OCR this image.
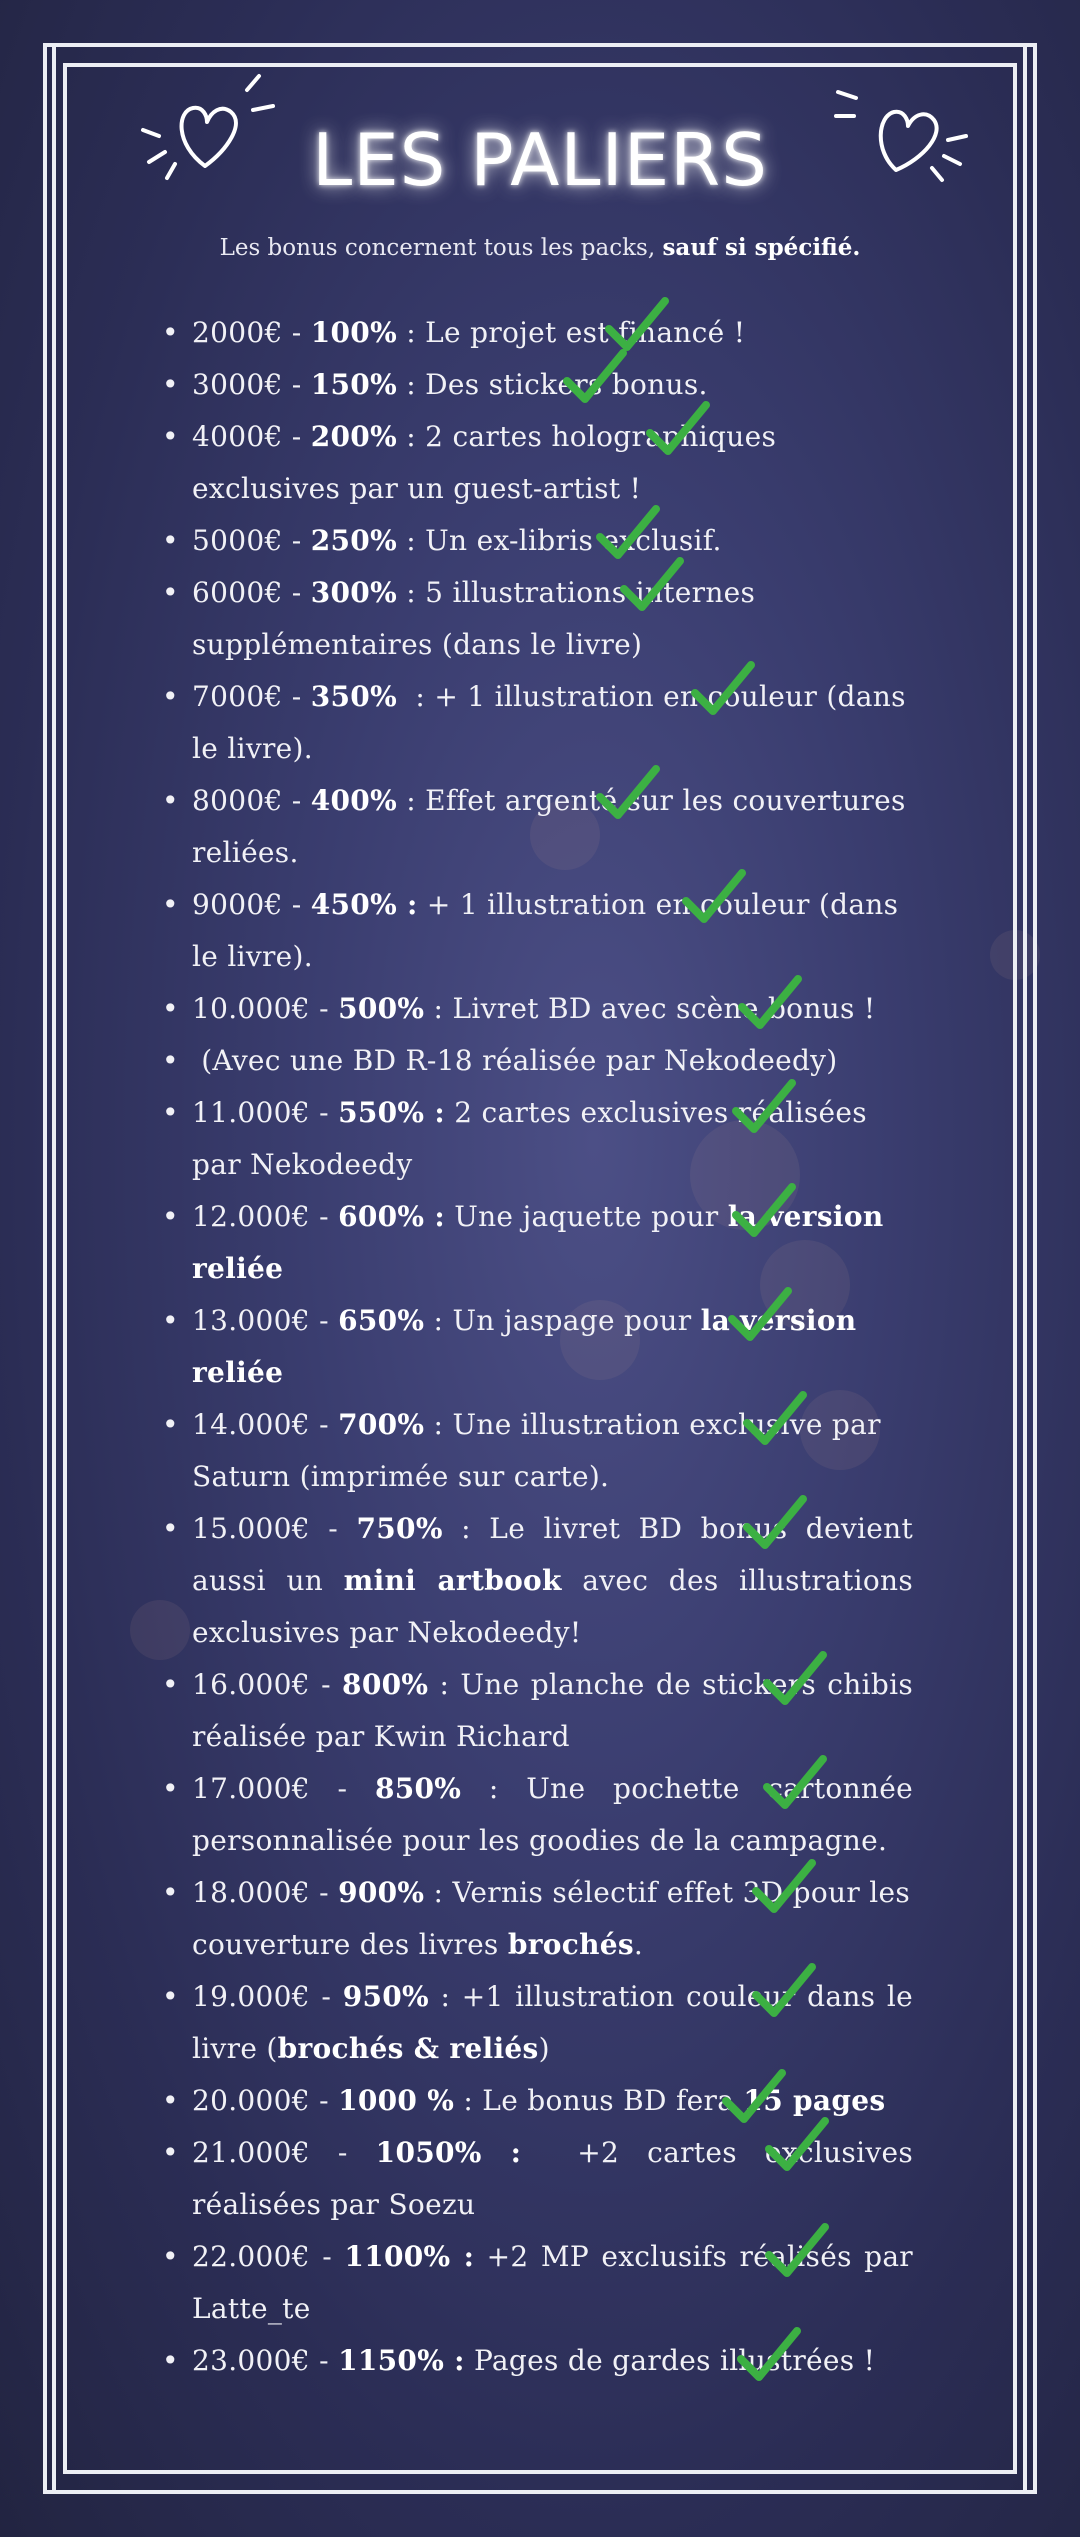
LES PALIERS
Les bonus concernent tous les packs, sauf si spécifié.
• 2000€ - 100% : Le projet est financé !
• 3000€ - 150% : Des stickers bonus.
• 4000€ - 200% : 2 cartes holographiques exclusives par un guest-artist !
• 5000€ - 250% : Un ex-libris exclusif.
• 6000€ - 300% : 5 illustrations internes supplémentaires (dans le livre)
• 7000€ - 350%  : + 1 illustration en couleur (dans le livre).
• 8000€ - 400% : Effet argenté sur les couvertures reliées.
• 9000€ - 450% : + 1 illustration en couleur (dans le livre).
• 10.000€ - 500% : Livret BD avec scène bonus !
• (Avec une BD R-18 réalisée par Nekodeedy)
• 11.000€ - 550% : 2 cartes exclusives réalisées par Nekodeedy
• 12.000€ - 600% : Une jaquette pour la version reliée
• 13.000€ - 650% : Un jaspage pour la version reliée
• 14.000€ - 700% : Une illustration exclusive par Saturn (imprimée sur carte).
• 15.000€ - 750% : Le livret BD bonus devient aussi un mini artbook avec des illustrations exclusives par Nekodeedy!
• 16.000€ - 800% : Une planche de stickers chibis réalisée par Kwin Richard
• 17.000€ - 850% : Une pochette cartonnée personnalisée pour les goodies de la campagne.
• 18.000€ - 900% : Vernis sélectif effet 3D pour les couverture des livres brochés.
• 19.000€ - 950% : +1 illustration couleur dans le livre (brochés & reliés)
• 20.000€ - 1000 % : Le bonus BD fera 15 pages
• 21.000€ - 1050% : +2 cartes exclusives réalisées par Soezu
• 22.000€ - 1100% : +2 MP exclusifs réalisés par Latte_te
• 23.000€ - 1150% : Pages de gardes illustrées !
